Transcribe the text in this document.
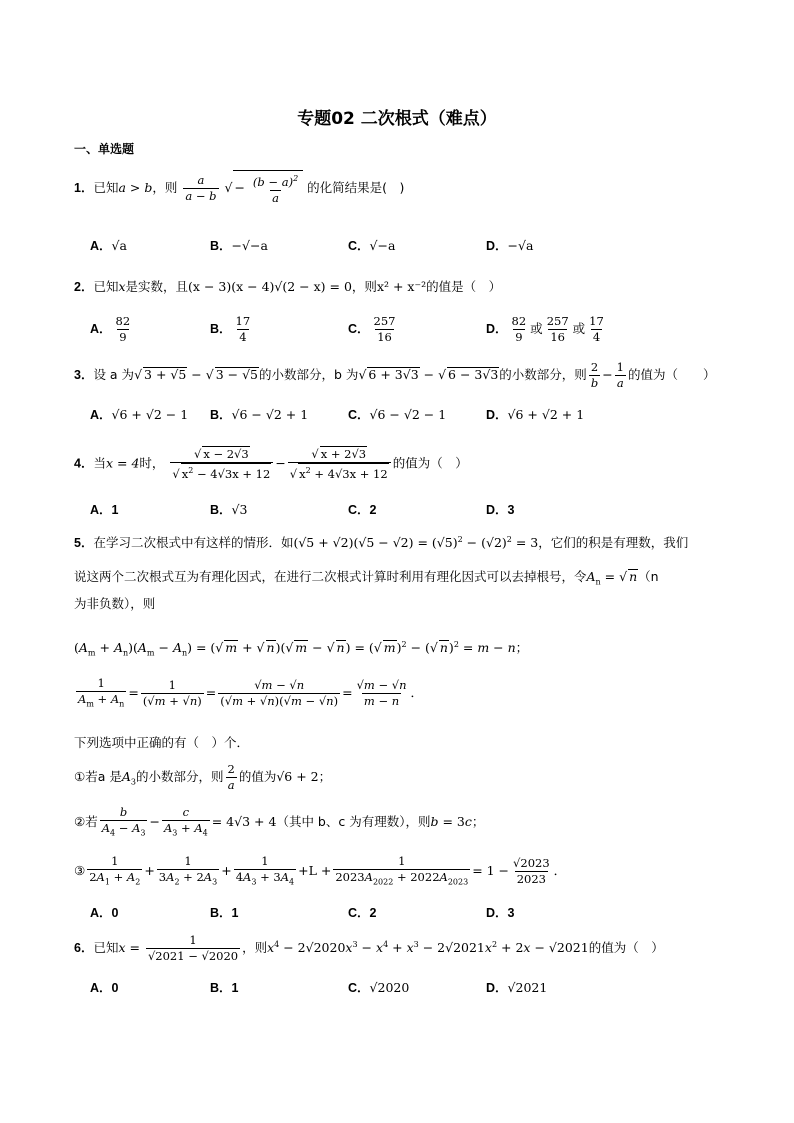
专题02 二次根式（难点）
一、单选题
1．已知a > b，则 $\frac{a}{a - b}$ √− $\frac{(b - a)^2}{a}$ 的化简结果是(　)
A．√a	B．−√−a	C．√−a	D．−√a
2．已知x是实数，且(x − 3)(x − 4)√(2 − x) = 0，则x² + x⁻²的值是（　）
A． $\frac{82}{9}$	B． $\frac{17}{4}$	C． $\frac{257}{16}$	D． $\frac{82}{9}$ 或 $\frac{257}{16}$ 或 $\frac{17}{4}$
3．设 a 为√ 3 + √5 − √ 3 − √5的小数部分，b 为√ 6 + 3√3 − √ 6 − 3√3的小数部分，则 $\frac{2}{b} - \frac{1}{a}$ 的值为（　　）
A．√6 + √2 − 1 B．√6 − √2 + 1	C．√6 − √2 − 1	D．√6 + √2 + 1
4．当x = 4时， $\frac{√ x - 2√3}{√ x^2 - 4√3x + 12} - \frac{√ x + 2√3}{√ x^2 + 4√3x + 12}$ 的值为（　）
A．1	B．√3	C．2	D．3
5．在学习二次根式中有这样的情形．如$(√5 + √2)(√5 - √2) = (√5)^2 - (√2)^2 = 3$，它们的积是有理数，我们
说这两个二次根式互为有理化因式，在进行二次根式计算时利用有理化因式可以去掉根号，令$A_n$ = √ n（n
为非负数），则
$(A_m + A_n)(A_m - A_n)$ = (√ m + √ n)(√ m − √ n) = (√ m)$^2$ − (√ n)$^2$ = m − n；
$\frac{1}{A_m + A_n} = \frac{1}{(√m + √n)} = \frac{√m - √n}{(√m + √n)(√m - √n)} = \frac{√m - √n}{m - n}$ ．
下列选项中正确的有（　）个．
①若a 是$A_3$的小数部分，则 $\frac{2}{a}$ 的值为√6 + 2；
②若 $\frac{b}{A_4 - A_3} - \frac{c}{A_3 + A_4} = 4√3 + 4$（其中 b、c 为有理数），则b = 3c；
③ $\frac{1}{2A_1 + A_2} + \frac{1}{3A_2 + 2A_3} + \frac{1}{4A_3 + 3A_4} +L + \frac{1}{2023A_{2022} + 2022A_{2023}} = 1 - \frac{√2023}{2023}$ ．
A．0	B．1	C．2	D．3
6．已知$x = \frac{1}{√2021 - √2020}$ ，则$x^4 - 2√2020x^3 - x^4 + x^3 - 2√2021x^2 + 2x - √2021$的值为（　）
A．0	B．1	C．√2020	D．√2021
